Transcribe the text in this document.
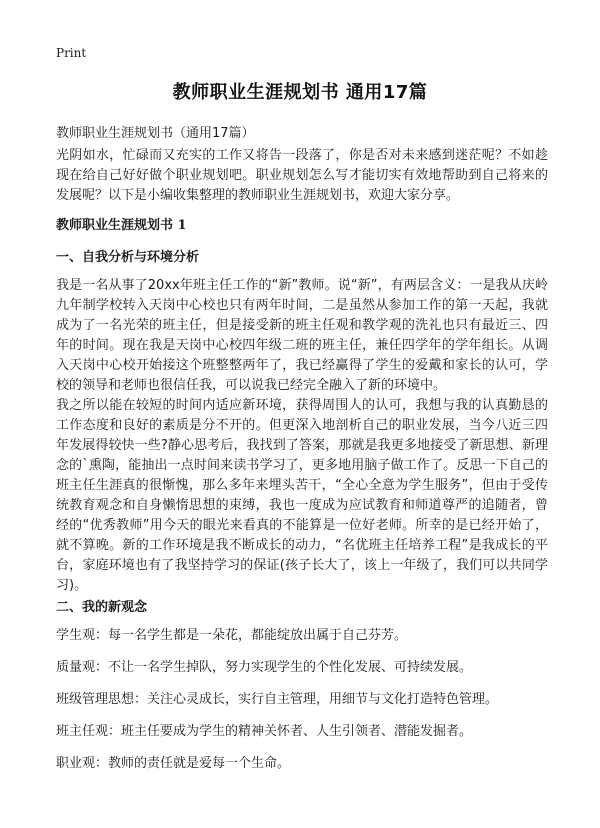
Print
教师职业生涯规划书 通用17篇
教师职业生涯规划书（通用17篇）
光阴如水，忙碌而又充实的工作又将告一段落了，你是否对未来感到迷茫呢？不如趁现在给自己好好做个职业规划吧。职业规划怎么写才能切实有效地帮助到自己将来的发展呢？以下是小编收集整理的教师职业生涯规划书，欢迎大家分享。
教师职业生涯规划书 1
一、自我分析与环境分析
我是一名从事了20xx年班主任工作的“新”教师。说“新”，有两层含义：一是我从庆岭九年制学校转入天岗中心校也只有两年时间，二是虽然从参加工作的第一天起，我就成为了一名光荣的班主任，但是接受新的班主任观和教学观的洗礼也只有最近三、四年的时间。现在我是天岗中心校四年级二班的班主任，兼任四学年的学年组长。从调入天岗中心校开始接这个班整整两年了，我已经赢得了学生的爱戴和家长的认可，学校的领导和老师也很信任我，可以说我已经完全融入了新的环境中。
我之所以能在较短的时间内适应新环境，获得周围人的认可，我想与我的认真勤恳的工作态度和良好的素质是分不开的。但更深入地剖析自己的职业发展，当今八近三四年发展得较快一些?静心思考后，我找到了答案，那就是我更多地接受了新思想、新理念的`熏陶，能抽出一点时间来读书学习了，更多地用脑子做工作了。反思一下自己的班主任生涯真的很惭愧，那么多年来埋头苦干，“全心全意为学生服务”，但由于受传统教育观念和自身懒惰思想的束缚，我也一度成为应试教育和师道尊严的追随者，曾经的“优秀教师”用今天的眼光来看真的不能算是一位好老师。所幸的是已经开始了，就不算晚。新的工作环境是我不断成长的动力，“名优班主任培养工程”是我成长的平台，家庭环境也有了我坚持学习的保证(孩子长大了，该上一年级了，我们可以共同学习)。
二、我的新观念
学生观：每一名学生都是一朵花，都能绽放出属于自己芬芳。
质量观：不让一名学生掉队，努力实现学生的个性化发展、可持续发展。
班级管理思想：关注心灵成长，实行自主管理，用细节与文化打造特色管理。
班主任观：班主任要成为学生的精神关怀者、人生引领者、潜能发掘者。
职业观：教师的责任就是爱每一个生命。
